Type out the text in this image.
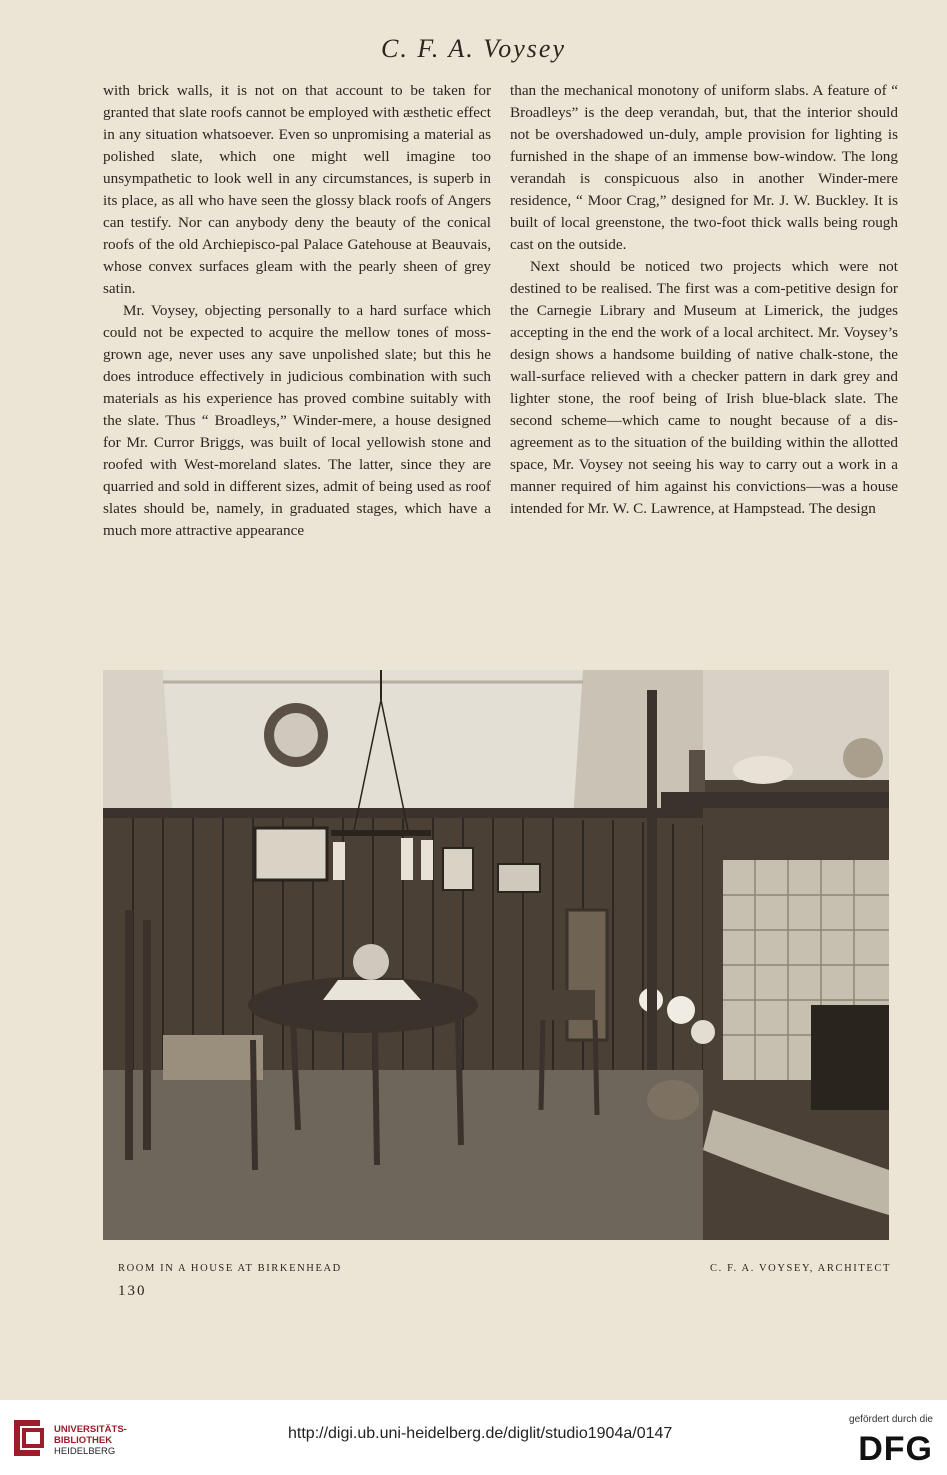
C. F. A. Voysey

with brick walls, it is not on that account to be taken for granted that slate roofs cannot be employed with æsthetic effect in any situation whatsoever. Even so unpromising a material as polished slate, which one might well imagine too unsympathetic to look well in any circumstances, is superb in its place, as all who have seen the glossy black roofs of Angers can testify. Nor can anybody deny the beauty of the conical roofs of the old Archiepisco-pal Palace Gatehouse at Beauvais, whose convex surfaces gleam with the pearly sheen of grey satin.

Mr. Voysey, objecting personally to a hard surface which could not be expected to acquire the mellow tones of moss-grown age, never uses any save unpolished slate; but this he does introduce effectively in judicious combination with such materials as his experience has proved combine suitably with the slate. Thus “ Broadleys,” Winder-mere, a house designed for Mr. Curror Briggs, was built of local yellowish stone and roofed with West-moreland slates. The latter, since they are quarried and sold in different sizes, admit of being used as roof slates should be, namely, in graduated stages, which have a much more attractive appearance

than the mechanical monotony of uniform slabs. A feature of “ Broadleys” is the deep verandah, but, that the interior should not be overshadowed un-duly, ample provision for lighting is furnished in the shape of an immense bow-window. The long verandah is conspicuous also in another Winder-mere residence, “ Moor Crag,” designed for Mr. J. W. Buckley. It is built of local greenstone, the two-foot thick walls being rough cast on the outside.

Next should be noticed two projects which were not destined to be realised. The first was a com-petitive design for the Carnegie Library and Museum at Limerick, the judges accepting in the end the work of a local architect. Mr. Voysey’s design shows a handsome building of native chalk-stone, the wall-surface relieved with a checker pattern in dark grey and lighter stone, the roof being of Irish blue-black slate. The second scheme—which came to nought because of a dis-agreement as to the situation of the building within the allotted space, Mr. Voysey not seeing his way to carry out a work in a manner required of him against his convictions—was a house intended for Mr. W. C. Lawrence, at Hampstead. The design

ROOM IN A HOUSE AT BIRKENHEAD	C. F. A. VOYSEY, ARCHITECT
130
UNIVERSITÄTS-
BIBLIOTHEK
HEIDELBERG
http://digi.ub.uni-heidelberg.de/diglit/studio1904a/0147
gefördert durch die
DFG
